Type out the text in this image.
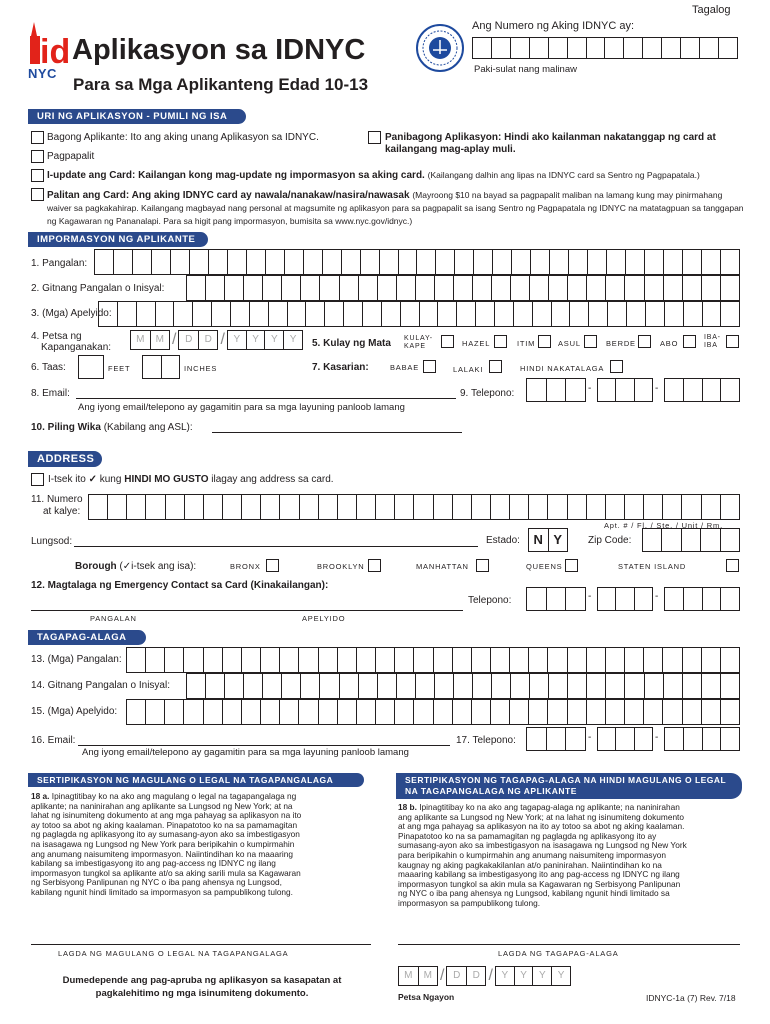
Tagalog
id
NYC
Aplikasyon sa IDNYC
Para sa Mga Aplikanteng Edad 10-13
Ang Numero ng Aking IDNYC ay:
Paki-sulat nang malinaw
URI NG APLIKASYON - PUMILI NG ISA
Bagong Aplikante: Ito ang aking unang Aplikasyon sa IDNYC.	Panibagong Aplikasyon: Hindi ako kailanman nakatanggap ng card at kailangang mag-aplay muli.
Pagpapalit
I-update ang Card: Kailangan kong mag-update ng impormasyon sa aking card. (Kailangang dalhin ang lipas na IDNYC card sa Sentro ng Pagpapatala.)
Palitan ang Card: Ang aking IDNYC card ay nawala/nanakaw/nasira/nawasak (Mayroong $10 na bayad sa pagpapalit maliban na lamang kung may pinirmahang waiver sa pagkakahirap. Kailangang magbayad nang personal at magsumite ng aplikasyon para sa pagpapalit sa isang Sentro ng Pagpapatala ng IDNYC na matatagpuan sa tanggapan ng Kagawaran ng Pananalapi. Para sa higit pang impormasyon, bumisita sa www.nyc.gov/idnyc.)
IMPORMASYON NG APLIKANTE
1. Pangalan:
2. Gitnang Pangalan o Inisyal:
3. (Mga) Apelyido:
4. Petsa ng
Kapanganakan:
M	M / D	D / Y	Y	Y	Y	5. Kulay ng Mata KULAY-KAPE	HAZEL	ITIM	ASUL	BERDE	ABO
IBA-IBA
6. Taas:	FEET	INCHES	7. Kasarian:	BABAE	LALAKI	HINDI NAKATALAGA
8. Email:
Ang iyong email/telepono ay gagamitin para sa mga layuning panloob lamang
9. Telepono:	-	-
10. Piling Wika (Kabilang ang ASL):
ADDRESS
I-tsek ito ✓ kung HINDI MO GUSTO ilagay ang address sa card.
11. Numero
at kalye:
Apt. # / Fl. / Ste. / Unit / Rm.
Lungsod:	Estado:	N Y	Zip Code:
Borough (✓i-tsek ang isa):	BRONX	BROOKLYN	MANHATTAN	QUEENS	STATEN ISLAND
12. Magtalaga ng Emergency Contact sa Card (Kinakailangan):
PANGALAN	APELYIDO
Telepono:	-	-
TAGAPAG-ALAGA
13. (Mga) Pangalan:
14. Gitnang Pangalan o Inisyal:
15. (Mga) Apelyido:
16. Email:
Ang iyong email/telepono ay gagamitin para sa mga layuning panloob lamang
17. Telepono:	-	-
SERTIPIKASYON NG MAGULANG O LEGAL NA TAGAPANGALAGA
18 a. Ipinagtitibay ko na ako ang magulang o legal na tagapangalaga ng
aplikante; na naninirahan ang aplikante sa Lungsod ng New York; at na
lahat ng isinumiteng dokumento at ang mga pahayag sa aplikasyon na ito
ay totoo sa abot ng aking kaalaman. Pinapatotoo ko na sa pamamagitan
ng paglagda ng aplikasyong ito ay sumasang-ayon ako sa imbestigasyon
na isasagawa ng Lungsod ng New York para beripikahin o kumpirmahin
ang anumang naisumiteng impormasyon. Naiintindihan ko na maaaring
kabilang sa imbestigasyong ito ang pag-access ng IDNYC ng ilang
impormasyon tungkol sa aplikante at/o sa aking sarili mula sa Kagawaran
ng Serbisyong Panlipunan ng NYC o iba pang ahensya ng Lungsod,
kabilang ngunit hindi limitado sa impormasyon sa pampublikong tulong.
LAGDA NG MAGULANG O LEGAL NA TAGAPANGALAGA
Dumedepende ang pag-apruba ng aplikasyon sa kasapatan at pagkalehitimo ng mga isinumiteng dokumento.
SERTIPIKASYON NG TAGAPAG-ALAGA NA HINDI MAGULANG O LEGAL NA TAGAPANGALAGA NG APLIKANTE
18 b. Ipinagtitibay ko na ako ang tagapag-alaga ng aplikante; na naninirahan
ang aplikante sa Lungsod ng New York; at na lahat ng isinumiteng dokumento
at ang mga pahayag sa aplikasyon na ito ay totoo sa abot ng aking kaalaman.
Pinapatotoo ko na sa pamamagitan ng paglagda ng aplikasyong ito ay
sumasang-ayon ako sa imbestigasyon na isasagawa ng Lungsod ng New York
para beripikahin o kumpirmahin ang anumang naisumiteng impormasyon
kaugnay ng aking pagkakakilanlan at/o paninirahan. Naiintindihan ko na
maaaring kabilang sa imbestigasyong ito ang pag-access ng IDNYC ng ilang
impormasyon tungkol sa akin mula sa Kagawaran ng Serbisyong Panlipunan
ng NYC o iba pang ahensya ng Lungsod, kabilang ngunit hindi limitado sa
impormasyon sa pampublikong tulong.
LAGDA NG TAGAPAG-ALAGA
M	M / D	D / Y	Y	Y	Y
Petsa Ngayon	IDNYC-1a (7) Rev. 7/18
